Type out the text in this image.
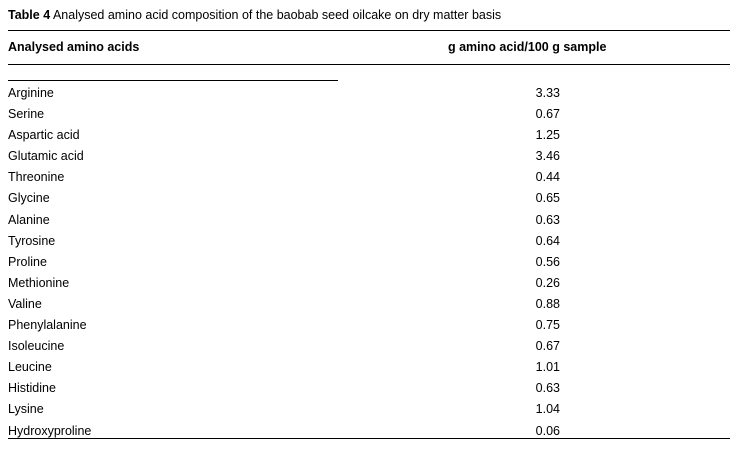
Table 4 Analysed amino acid composition of the baobab seed oilcake on dry matter basis
Analysed amino acids	g amino acid/100 g sample
Arginine	3.33
Serine	0.67
Aspartic acid	1.25
Glutamic acid	3.46
Threonine	0.44
Glycine	0.65
Alanine	0.63
Tyrosine	0.64
Proline	0.56
Methionine	0.26
Valine	0.88
Phenylalanine	0.75
Isoleucine	0.67
Leucine	1.01
Histidine	0.63
Lysine	1.04
Hydroxyproline	0.06
